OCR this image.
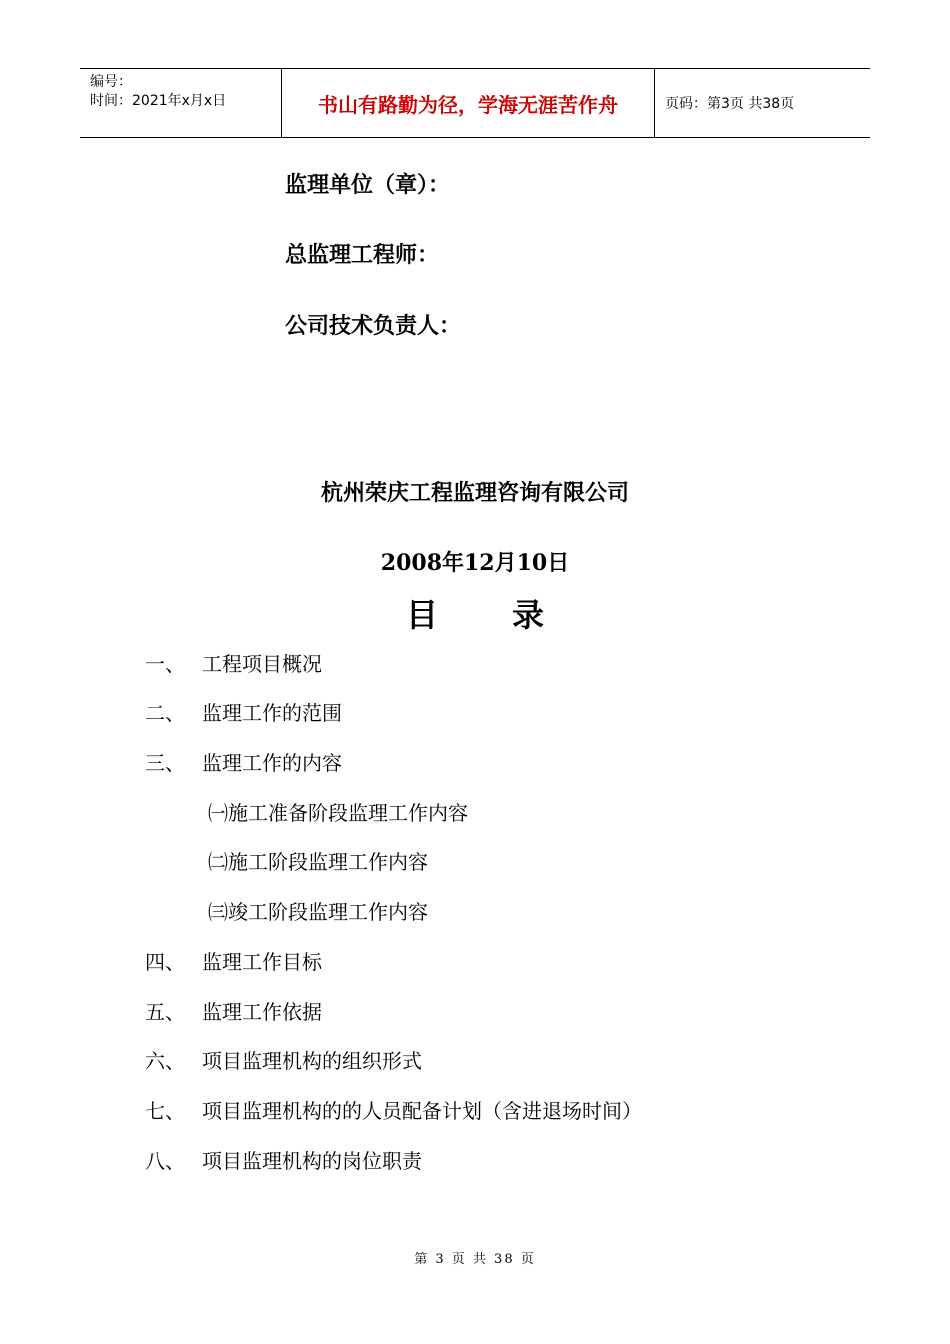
编号：
时间：2021年x月x日	书山有路勤为径，学海无涯苦作舟	页码：第3页 共38页
监理单位（章）：
总监理工程师：
公司技术负责人：
杭州荣庆工程监理咨询有限公司
2008年12月10日
目 录
一、 工程项目概况
二、 监理工作的范围
三、 监理工作的内容
㈠施工准备阶段监理工作内容
㈡施工阶段监理工作内容
㈢竣工阶段监理工作内容
四、 监理工作目标
五、 监理工作依据
六、 项目监理机构的组织形式
七、 项目监理机构的的人员配备计划（含进退场时间）
八、 项目监理机构的岗位职责
第 3 页 共 38 页
